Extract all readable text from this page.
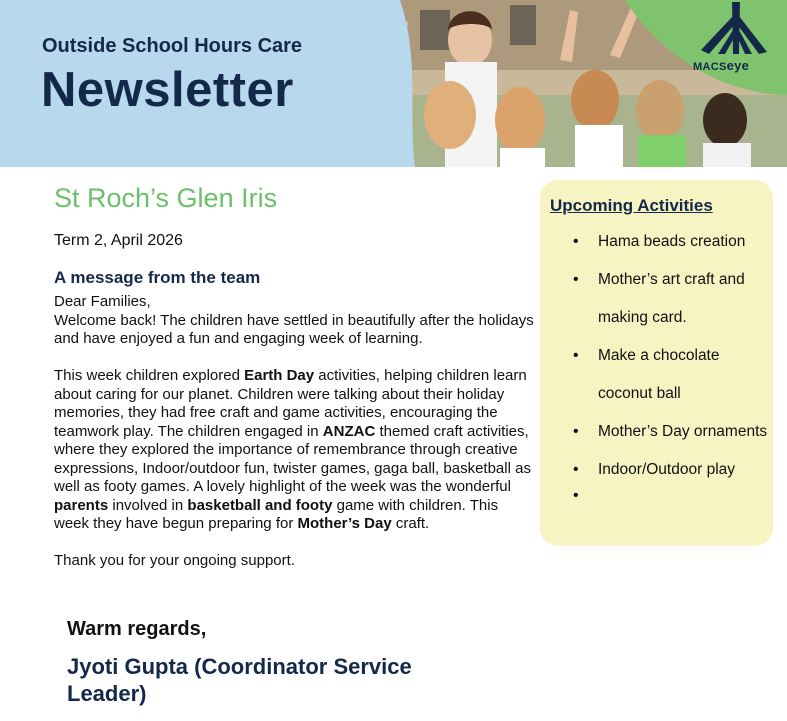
Outside School Hours Care
Newsletter	MACSeye
St Roch’s Glen Iris
Term 2, April 2026
A message from the team

Dear Families,

Welcome back! The children have settled in beautifully after the holidays and have enjoyed a fun and engaging week of learning.

This week children explored Earth Day activities, helping children learn about caring for our planet. Children were talking about their holiday memories, they had free craft and game activities, encouraging the teamwork play. The children engaged in ANZAC themed craft activities, where they explored the importance of remembrance through creative expressions, Indoor/outdoor fun, twister games, gaga ball, basketball as well as footy games. A lovely highlight of the week was the wonderful parents involved in basketball and footy game with children. This week they have begun preparing for Mother’s Day craft.

Thank you for your ongoing support.

Warm regards,
Jyoti Gupta (Coordinator Service Leader)
Upcoming Activities
• Hama beads creation
• Mother’s art craft and making card.
• Make a chocolate coconut ball
• Mother’s Day ornaments
• Indoor/Outdoor play
•
